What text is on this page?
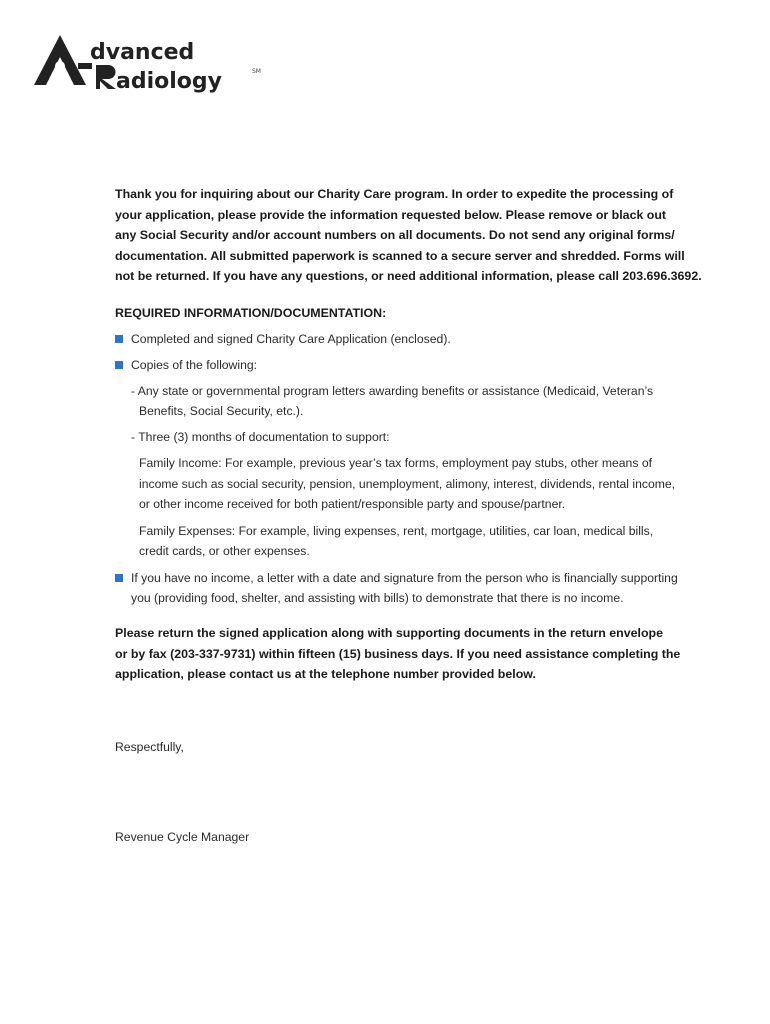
dvanced
adiology	SM

Thank you for inquiring about our Charity Care program. In order to expedite the processing of
your application, please provide the information requested below. Please remove or black out
any Social Security and/or account numbers on all documents. Do not send any original forms/
documentation. All submitted paperwork is scanned to a secure server and shredded. Forms will
not be returned. If you have any questions, or need additional information, please call 203.696.3692.

REQUIRED INFORMATION/DOCUMENTATION:

Completed and signed Charity Care Application (enclosed).
Copies of the following:
- Any state or governmental program letters awarding benefits or assistance (Medicaid, Veteran’s
Benefits, Social Security, etc.).
- Three (3) months of documentation to support:
Family Income: For example, previous year’s tax forms, employment pay stubs, other means of
income such as social security, pension, unemployment, alimony, interest, dividends, rental income,
or other income received for both patient/responsible party and spouse/partner.
Family Expenses: For example, living expenses, rent, mortgage, utilities, car loan, medical bills,
credit cards, or other expenses.
If you have no income, a letter with a date and signature from the person who is financially supporting
you (providing food, shelter, and assisting with bills) to demonstrate that there is no income.

Please return the signed application along with supporting documents in the return envelope
or by fax (203-337-9731) within fifteen (15) business days. If you need assistance completing the
application, please contact us at the telephone number provided below.

Respectfully,

Revenue Cycle Manager
